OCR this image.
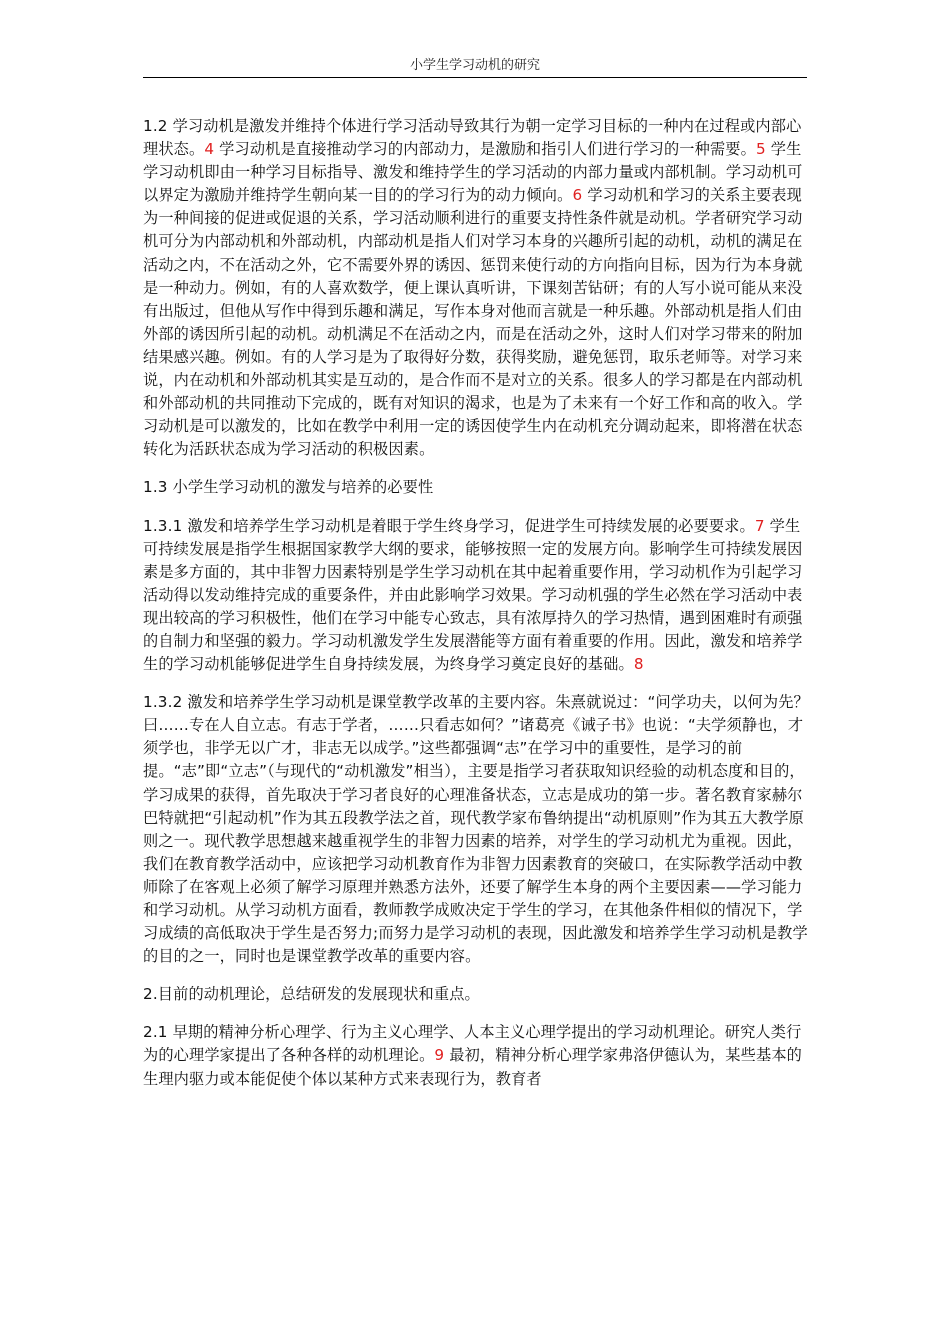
小学生学习动机的研究

1.2 学习动机是激发并维持个体进行学习活动导致其行为朝一定学习目标的一种内在过程或内部心理状态。4 学习动机是直接推动学习的内部动力，是激励和指引人们进行学习的一种需要。5 学生学习动机即由一种学习目标指导、激发和维持学生的学习活动的内部力量或内部机制。学习动机可以界定为激励并维持学生朝向某一目的的学习行为的动力倾向。6 学习动机和学习的关系主要表现为一种间接的促进或促退的关系，学习活动顺利进行的重要支持性条件就是动机。学者研究学习动机可分为内部动机和外部动机，内部动机是指人们对学习本身的兴趣所引起的动机，动机的满足在活动之内，不在活动之外，它不需要外界的诱因、惩罚来使行动的方向指向目标，因为行为本身就是一种动力。例如，有的人喜欢数学，便上课认真听讲，下课刻苦钻研；有的人写小说可能从来没有出版过，但他从写作中得到乐趣和满足，写作本身对他而言就是一种乐趣。外部动机是指人们由外部的诱因所引起的动机。动机满足不在活动之内，而是在活动之外，这时人们对学习带来的附加结果感兴趣。例如。有的人学习是为了取得好分数，获得奖励，避免惩罚，取乐老师等。对学习来说，内在动机和外部动机其实是互动的，是合作而不是对立的关系。很多人的学习都是在内部动机和外部动机的共同推动下完成的，既有对知识的渴求，也是为了未来有一个好工作和高的收入。学习动机是可以激发的，比如在教学中利用一定的诱因使学生内在动机充分调动起来，即将潜在状态转化为活跃状态成为学习活动的积极因素。

1.3 小学生学习动机的激发与培养的必要性

1.3.1 激发和培养学生学习动机是着眼于学生终身学习，促进学生可持续发展的必要要求。7 学生可持续发展是指学生根据国家教学大纲的要求，能够按照一定的发展方向。影响学生可持续发展因素是多方面的，其中非智力因素特别是学生学习动机在其中起着重要作用，学习动机作为引起学习活动得以发动维持完成的重要条件，并由此影响学习效果。学习动机强的学生必然在学习活动中表现出较高的学习积极性，他们在学习中能专心致志，具有浓厚持久的学习热情，遇到困难时有顽强的自制力和坚强的毅力。学习动机激发学生发展潜能等方面有着重要的作用。因此，激发和培养学生的学习动机能够促进学生自身持续发展，为终身学习奠定良好的基础。8

1.3.2 激发和培养学生学习动机是课堂教学改革的主要内容。朱熹就说过：“问学功夫，以何为先？曰……专在人自立志。有志于学者，……只看志如何？”诸葛亮《诫子书》也说：“夫学须静也，才须学也，非学无以广才，非志无以成学。”这些都强调“志”在学习中的重要性，是学习的前提。“志”即“立志”（与现代的“动机激发”相当），主要是指学习者获取知识经验的动机态度和目的，学习成果的获得，首先取决于学习者良好的心理准备状态，立志是成功的第一步。著名教育家赫尔巴特就把“引起动机”作为其五段教学法之首，现代教学家布鲁纳提出“动机原则”作为其五大教学原则之一。现代教学思想越来越重视学生的非智力因素的培养，对学生的学习动机尤为重视。因此，我们在教育教学活动中，应该把学习动机教育作为非智力因素教育的突破口，在实际教学活动中教师除了在客观上必须了解学习原理并熟悉方法外，还要了解学生本身的两个主要因素——学习能力和学习动机。从学习动机方面看，教师教学成败决定于学生的学习，在其他条件相似的情况下，学习成绩的高低取决于学生是否努力;而努力是学习动机的表现，因此激发和培养学生学习动机是教学的目的之一，同时也是课堂教学改革的重要内容。

2.目前的动机理论，总结研发的发展现状和重点。

2.1 早期的精神分析心理学、行为主义心理学、人本主义心理学提出的学习动机理论。研究人类行为的心理学家提出了各种各样的动机理论。9 最初，精神分析心理学家弗洛伊德认为，某些基本的生理内驱力或本能促使个体以某种方式来表现行为，教育者
